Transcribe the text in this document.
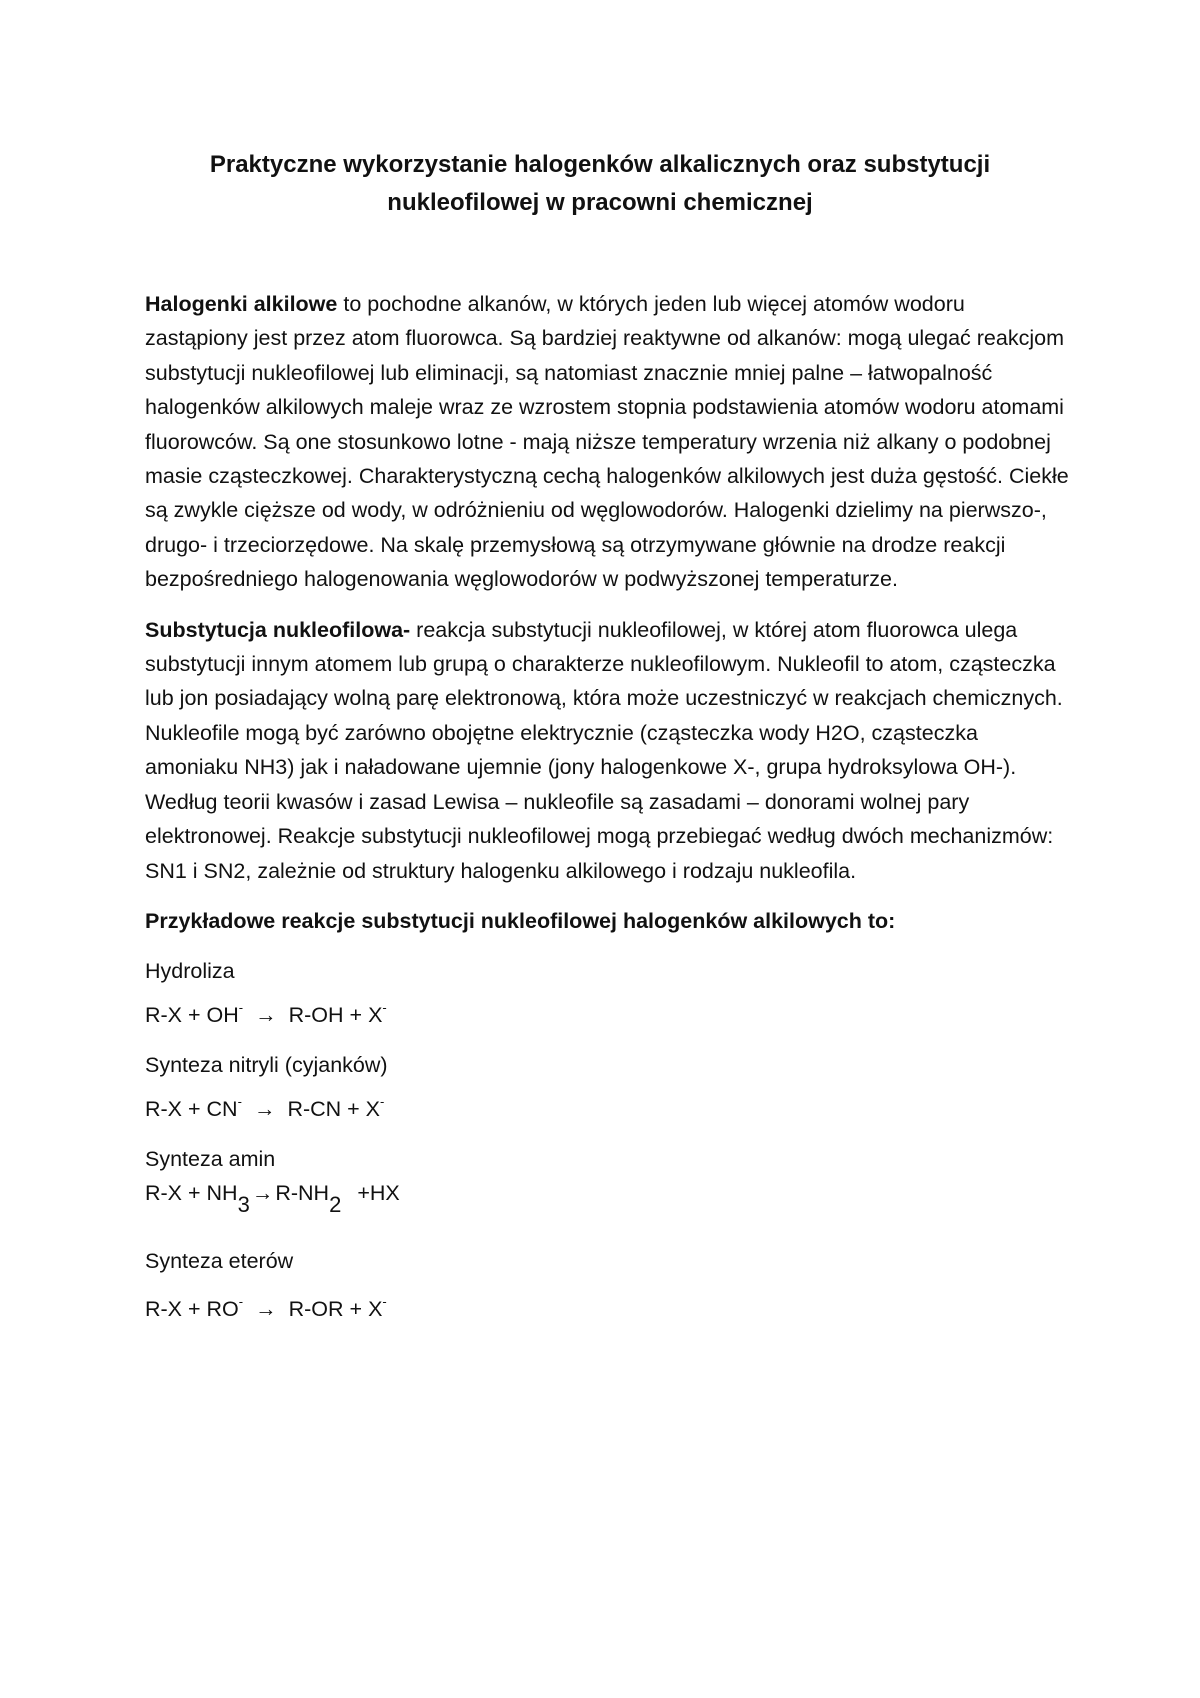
Praktyczne wykorzystanie halogenków alkalicznych oraz substytucji
nukleofilowej w pracowni chemicznej

Halogenki alkilowe to pochodne alkanów, w których jeden lub więcej atomów wodoru zastąpiony jest przez atom fluorowca. Są bardziej reaktywne od alkanów: mogą ulegać reakcjom substytucji nukleofilowej lub eliminacji, są natomiast znacznie mniej palne – łatwopalność halogenków alkilowych maleje wraz ze wzrostem stopnia podstawienia atomów wodoru atomami fluorowców. Są one stosunkowo lotne - mają niższe temperatury wrzenia niż alkany o podobnej masie cząsteczkowej. Charakterystyczną cechą halogenków alkilowych jest duża gęstość. Ciekłe są zwykle cięższe od wody, w odróżnieniu od węglowodorów. Halogenki dzielimy na pierwszo-, drugo- i trzeciorzędowe. Na skalę przemysłową są otrzymywane głównie na drodze reakcji bezpośredniego halogenowania węglowodorów w podwyższonej temperaturze.

Substytucja nukleofilowa- reakcja substytucji nukleofilowej, w której atom fluorowca ulega substytucji innym atomem lub grupą o charakterze nukleofilowym. Nukleofil to atom, cząsteczka lub jon posiadający wolną parę elektronową, która może uczestniczyć w reakcjach chemicznych. Nukleofile mogą być zarówno obojętne elektrycznie (cząsteczka wody H2O, cząsteczka amoniaku NH3) jak i naładowane ujemnie (jony halogenkowe X-, grupa hydroksylowa OH-). Według teorii kwasów i zasad Lewisa – nukleofile są zasadami – donorami wolnej pary elektronowej. Reakcje substytucji nukleofilowej mogą przebiegać według dwóch mechanizmów: SN1 i SN2, zależnie od struktury halogenku alkilowego i rodzaju nukleofila.

Przykładowe reakcje substytucji nukleofilowej halogenków alkilowych to:

Hydroliza
R-X + OH- → R-OH + X-
Synteza nitryli (cyjanków)
R-X + CN- → R-CN + X-
Synteza amin
$R-X + NH_3\to R-NH_2 +HX$
Synteza eterów
R-X + RO- → R-OR + X-
